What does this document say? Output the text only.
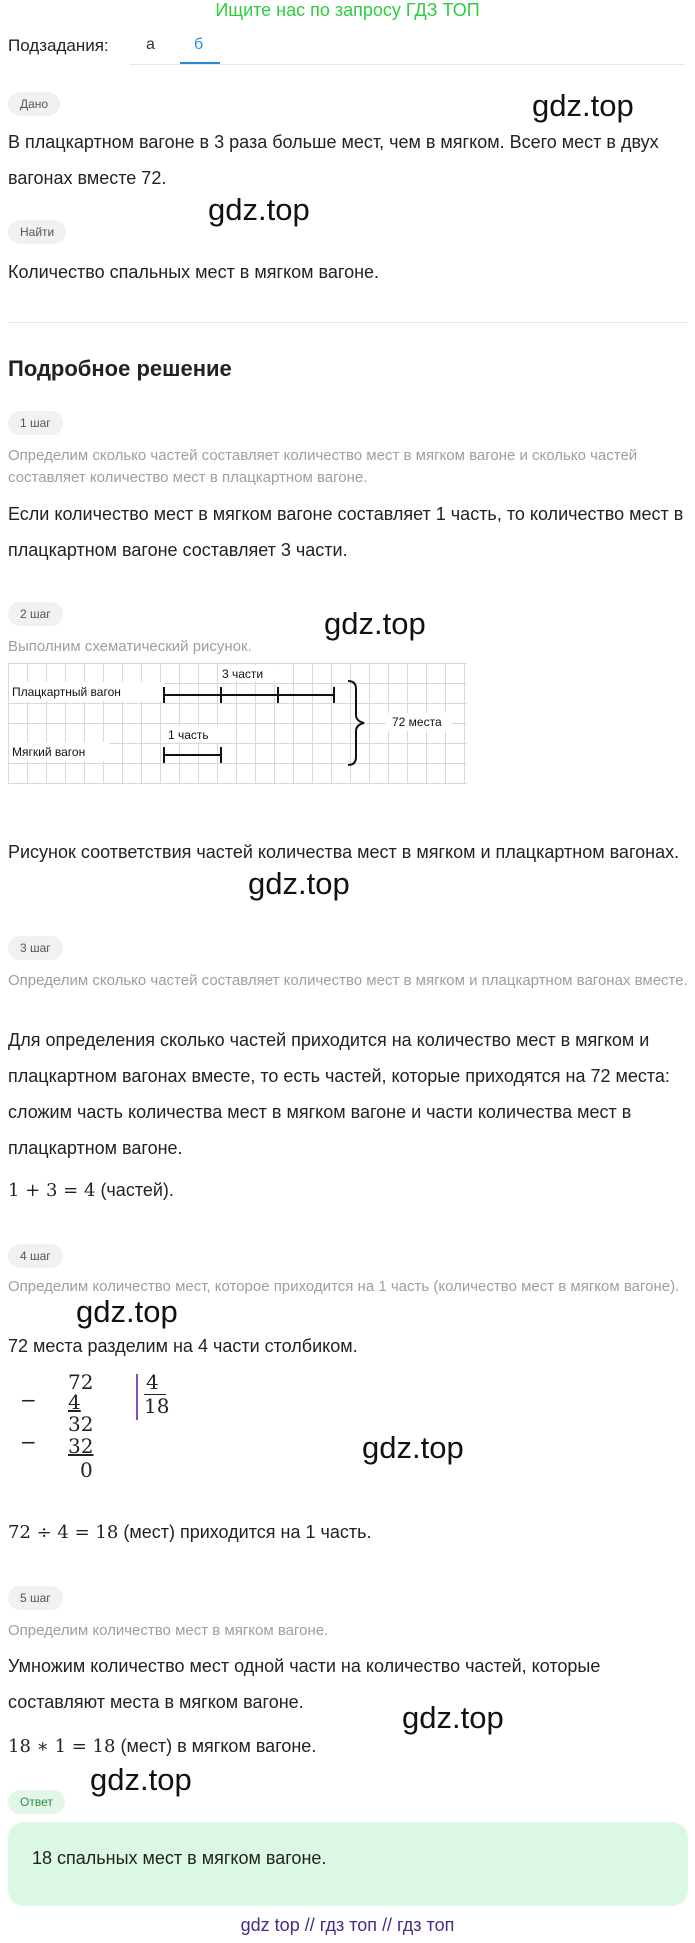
Ищите нас по запросу ГДЗ ТОП
Подзадания: а б
Дано
В плацкартном вагоне в 3 раза больше мест, чем в мягком. Всего мест в двух вагонах вместе 72.
Найти
Количество спальных мест в мягком вагоне.
Подробное решение
1 шаг
Определим сколько частей составляет количество мест в мягком вагоне и сколько частей составляет количество мест в плацкартном вагоне.
Если количество мест в мягком вагоне составляет 1 часть, то количество мест в плацкартном вагоне составляет 3 части.
2 шаг
Выполним схематический рисунок.
Плацкартный вагон
3 части
Мягкий вагон
1 часть
72 места
Рисунок соответствия частей количества мест в мягком и плацкартном вагонах.
3 шаг
Определим сколько частей составляет количество мест в мягком и плацкартном вагонах вместе.
Для определения сколько частей приходится на количество мест в мягком и плацкартном вагонах вместе, то есть частей, которые приходятся на 72 места: сложим часть количества мест в мягком вагоне и части количества мест в плацкартном вагоне.
1 + 3 = 4 (частей).
4 шаг
Определим количество мест, которое приходится на 1 часть (количество мест в мягком вагоне).
72 места разделим на 4 части столбиком.
−
72
4
−
32
32
0
4
18
72 ÷ 4 = 18 (мест) приходится на 1 часть.
5 шаг
Определим количество мест в мягком вагоне.
Умножим количество мест одной части на количество частей, которые составляют места в мягком вагоне.
18 ∗ 1 = 18 (мест) в мягком вагоне.
Ответ
18 спальных мест в мягком вагоне.
gdz.top
gdz.top
gdz.top
gdz.top
gdz.top
gdz.top
gdz.top
gdz.top
gdz top // гдз топ // гдз топ
